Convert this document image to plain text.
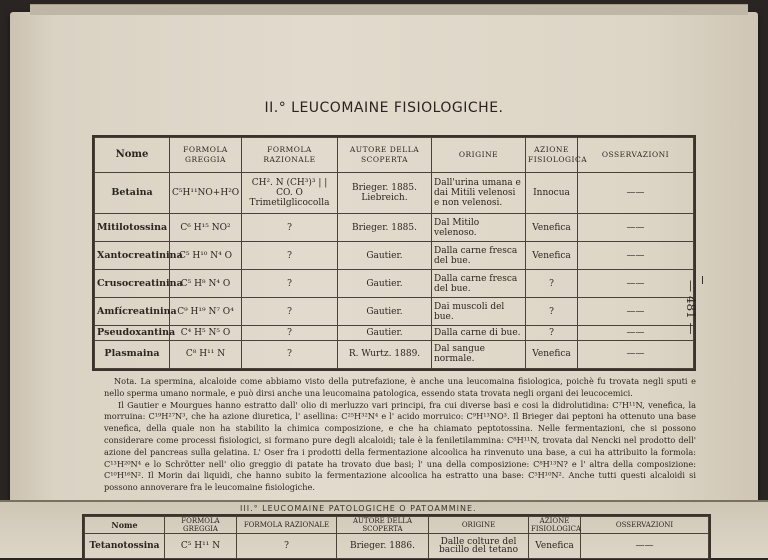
II.° LEUCOMAINE FISIOLOGICHE.
Nome	FORMOLA GREGGIA	FORMOLA RAZIONALE	AUTORE DELLA SCOPERTA	ORIGINE	AZIONE FISIOLOGICA	OSSERVAZIONI
Betaina	C⁵H¹¹NO+H²O	CH². N (CH³)³ | | CO. O Trimetilglicocolla	Brieger. 1885. Liebreich.	Dall'urina umana e dai Mitili velenosi e non velenosi.	Innocua	——
Mitilotossina	C⁶ H¹⁵ NO²	?	Brieger. 1885.	Dal Mitilo velenoso.	Venefica	——
Xantocreatinina	C⁵ H¹⁰ N⁴ O	?	Gautier.	Dalla carne fresca del bue.	Venefica	——
Crusocreatinina	C⁵ H⁸ N⁴ O	?	Gautier.	Dalla carne fresca del bue.	?	——
Amfícreatinina	C⁹ H¹⁹ N⁷ O⁴	?	Gautier.	Dai muscoli del bue.	?	——
Pseudoxantina	C⁴ H⁵ N⁵ O	?	Gautier.	Dalla carne di bue.	?	——
Plasmaina	C⁸ H¹¹ N	?	R. Wurtz. 1889.	Dal sangue normale.	Venefica	——
— 481 —

Nota. La spermina, alcaloide come abbiamo visto della putrefazione, è anche una leucomaina fisiologica, poichè fu trovata negli sputi e nello sperma umano normale, e può dirsi anche una leucomaina patologica, essendo stata trovata negli organi dei leucocemici.

Il Gautier e Mourgues hanno estratto dall' olio di merluzzo vari principi, fra cui diverse basi e cosi la didrolutidina: C⁷H¹¹N, venefica, la morruina: C¹⁹H²⁷N³, che ha azione diuretica, l' asellina: C²⁵H³²N⁴ e l' acido morruico: C⁹H¹³NO³. Il Brieger dai peptoni ha ottenuto una base venefica, della quale non ha stabilito la chimica composizione, e che ha chiamato peptotossina. Nelle fermentazioni, che si possono considerare come processi fisiologici, si formano pure degli alcaloidi; tale è la feniletilammina: C⁸H¹¹N, trovata dal Nencki nel prodotto dell' azione del pancreas sulla gelatina. L' Oser fra i prodotti della fermentazione alcoolica ha rinvenuto una base, a cui ha attribuito la formola: C¹³H²⁰N⁴ e lo Schrötter nell' olio greggio di patate ha trovato due basi; l' una della composizione: C⁸H¹³N? e l' altra della composizione: C¹⁰H¹⁶N². Il Morin dai liquidi, che hanno subito la fermentazione alcoolica ha estratto una base: C⁵H¹⁰N². Anche tutti questi alcaloidi si possono annoverare fra le leucomaine fisiologiche.

III.° LEUCOMAINE PATOLOGICHE O PATOAMMINE.
Nome	FORMOLA GREGGIA	FORMOLA RAZIONALE	AUTORE DELLA SCOPERTA	ORIGINE	AZIONE FISIOLOGICA	OSSERVAZIONI
Tetanotossina	C⁵ H¹¹ N	?	Brieger. 1886.	Dalle colture del bacillo del tetano	Venefica	——
